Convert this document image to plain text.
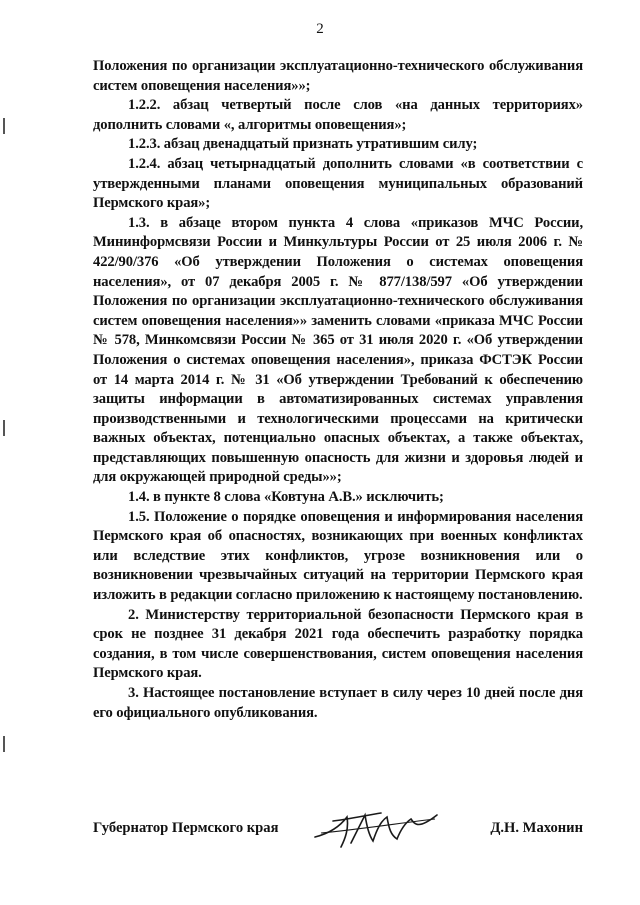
2

Положения по организации эксплуатационно-технического обслуживания систем оповещения населения»»;

1.2.2. абзац четвертый после слов «на данных территориях» дополнить словами «, алгоритмы оповещения»;

1.2.3. абзац двенадцатый признать утратившим силу;

1.2.4. абзац четырнадцатый дополнить словами «в соответствии с утвержденными планами оповещения муниципальных образований Пермского края»;

1.3. в абзаце втором пункта 4 слова «приказов МЧС России, Мининформсвязи России и Минкультуры России от 25 июля 2006 г. № 422/90/376 «Об утверждении Положения о системах оповещения населения», от 07 декабря 2005 г. № 877/138/597 «Об утверждении Положения по организации эксплуатационно-технического обслуживания систем оповещения населения»» заменить словами «приказа МЧС России № 578, Минкомсвязи России № 365 от 31 июля 2020 г. «Об утверждении Положения о системах оповещения населения», приказа ФСТЭК России от 14 марта 2014 г. № 31 «Об утверждении Требований к обеспечению защиты информации в автоматизированных системах управления производственными и технологическими процессами на критически важных объектах, потенциально опасных объектах, а также объектах, представляющих повышенную опасность для жизни и здоровья людей и для окружающей природной среды»»;

1.4. в пункте 8 слова «Ковтуна А.В.» исключить;

1.5. Положение о порядке оповещения и информирования населения Пермского края об опасностях, возникающих при военных конфликтах или вследствие этих конфликтов, угрозе возникновения или о возникновении чрезвычайных ситуаций на территории Пермского края изложить в редакции согласно приложению к настоящему постановлению.

2. Министерству территориальной безопасности Пермского края в срок не позднее 31 декабря 2021 года обеспечить разработку порядка создания, в том числе совершенствования, систем оповещения населения Пермского края.

3. Настоящее постановление вступает в силу через 10 дней после дня его официального опубликования.

Губернатор Пермского края	Д.Н. Махонин
